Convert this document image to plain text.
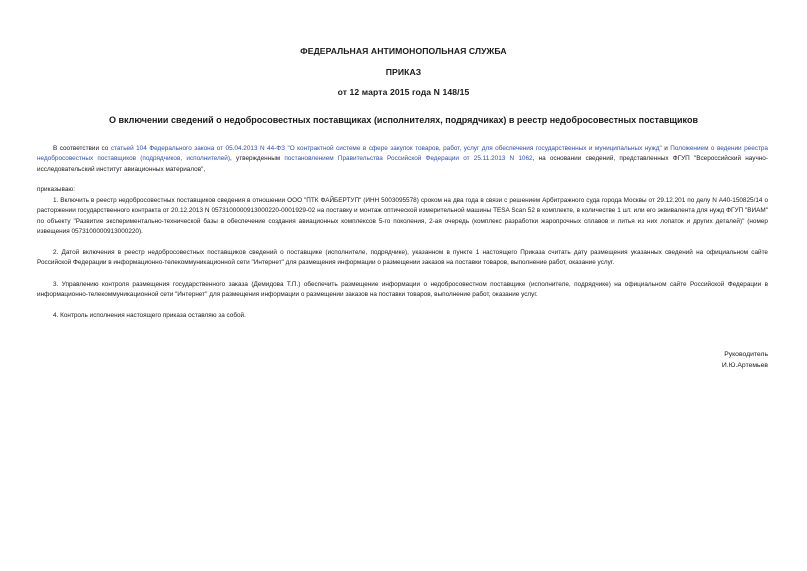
ФЕДЕРАЛЬНАЯ АНТИМОНОПОЛЬНАЯ СЛУЖБА
ПРИКАЗ
от 12 марта 2015 года N 148/15
О включении сведений о недобросовестных поставщиках (исполнителях, подрядчиках) в реестр недобросовестных поставщиков
В соответствии со статьей 104 Федерального закона от 05.04.2013 N 44-ФЗ "О контрактной системе в сфере закупок товаров, работ, услуг для обеспечения государственных и муниципальных нужд" и Положением о ведении реестра недобросовестных поставщиков (подрядчиков, исполнителей), утвержденным постановлением Правительства Российской Федерации от 25.11.2013 N 1062, на основании сведений, представленных ФГУП "Всероссийский научно-исследовательский институт авиационных материалов",
приказываю:
1. Включить в реестр недобросовестных поставщиков сведения в отношении ООО "ПТК ФАЙБЕРТУП" (ИНН 5003095578) сроком на два года в связи с решением Арбитражного суда города Москвы от 29.12.201 по делу N А40-150825/14 о расторжении государственного контракта от 20.12.2013 N 0573100000913000220-0001929-02 на поставку и монтаж оптической измерительной машины TESA Scan 52 в комплекте, в количестве 1 шт. или его эквивалента для нужд ФГУП "ВИАМ" по объекту "Развитие экспериментально-технической базы в обеспечение создания авиационных комплексов 5-го поколения, 2-ая очередь (комплекс разработки жаропрочных сплавов и литья из них лопаток и других деталей)" (номер извещения 0573100000913000220).
2. Датой включения в реестр недобросовестных поставщиков сведений о поставщике (исполнителе, подрядчике), указанном в пункте 1 настоящего Приказа считать дату размещения указанных сведений на официальном сайте Российской Федерации в информационно-телекоммуникационной сети "Интернет" для размещения информации о размещении заказов на поставки товаров, выполнение работ, оказание услуг.
3. Управлению контроля размещения государственного заказа (Демидова Т.П.) обеспечить размещение информации о недобросовестном поставщике (исполнителе, подрядчике) на официальном сайте Российской Федерации в информационно-телекоммуникационной сети "Интернет" для размещения информации о размещении заказов на поставки товаров, выполнение работ, оказание услуг.
4. Контроль исполнения настоящего приказа оставляю за собой.
Руководитель
И.Ю.Артемьев
